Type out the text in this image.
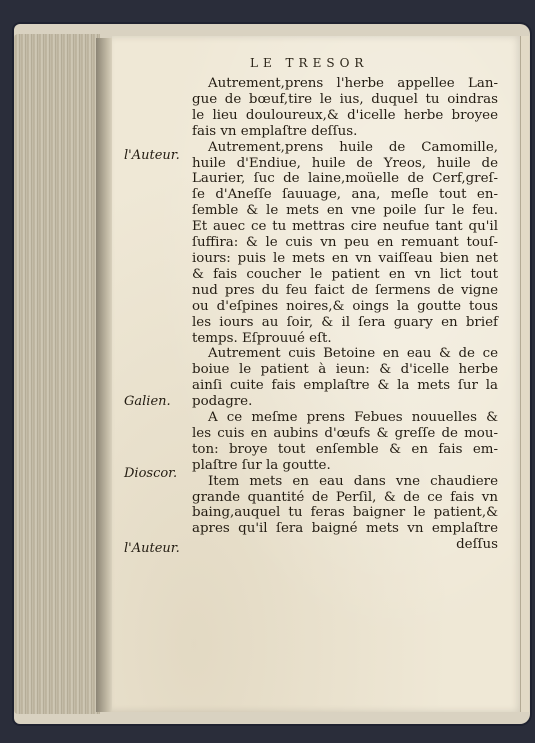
LE TRESOR
l'Auteur.
Galien.
Dioscor.
l'Auteur.

Autrement,prens l'herbe appellee Lan-
gue de bœuf,tire le ius, duquel tu oindras
le lieu douloureux,& d'icelle herbe broyee
fais vn emplaſtre deſſus.

Autrement,prens huile de Camomille,
huile d'Endiue, huile de Yreos, huile de
Laurier, ſuc de laine,moüelle de Cerf,greſ-
ſe d'Aneſſe ſauuage, ana, meſle tout en-
ſemble & le mets en vne poile ſur le feu.
Et auec ce tu mettras cire neufue tant qu'il
ſuffira: & le cuis vn peu en remuant touſ-
iours: puis le mets en vn vaiſſeau bien net
& fais coucher le patient en vn lict tout
nud pres du feu faict de ſermens de vigne
ou d'eſpines noires,& oings la goutte tous
les iours au ſoir, & il ſera guary en brief
temps. Eſprouué eſt.

Autrement cuis Betoine en eau & de ce
boiue le patient à ieun: & d'icelle herbe
ainſi cuite fais emplaſtre & la mets ſur la
podagre.

A ce meſme prens Febues nouuelles &
les cuis en aubins d'œufs & greſſe de mou-
ton: broye tout enſemble & en fais em-
plaſtre ſur la goutte.

Item mets en eau dans vne chaudiere
grande quantité de Perſil, & de ce fais vn
baing,auquel tu feras baigner le patient,&
apres qu'il ſera baigné mets vn emplaſtre
deſſus
